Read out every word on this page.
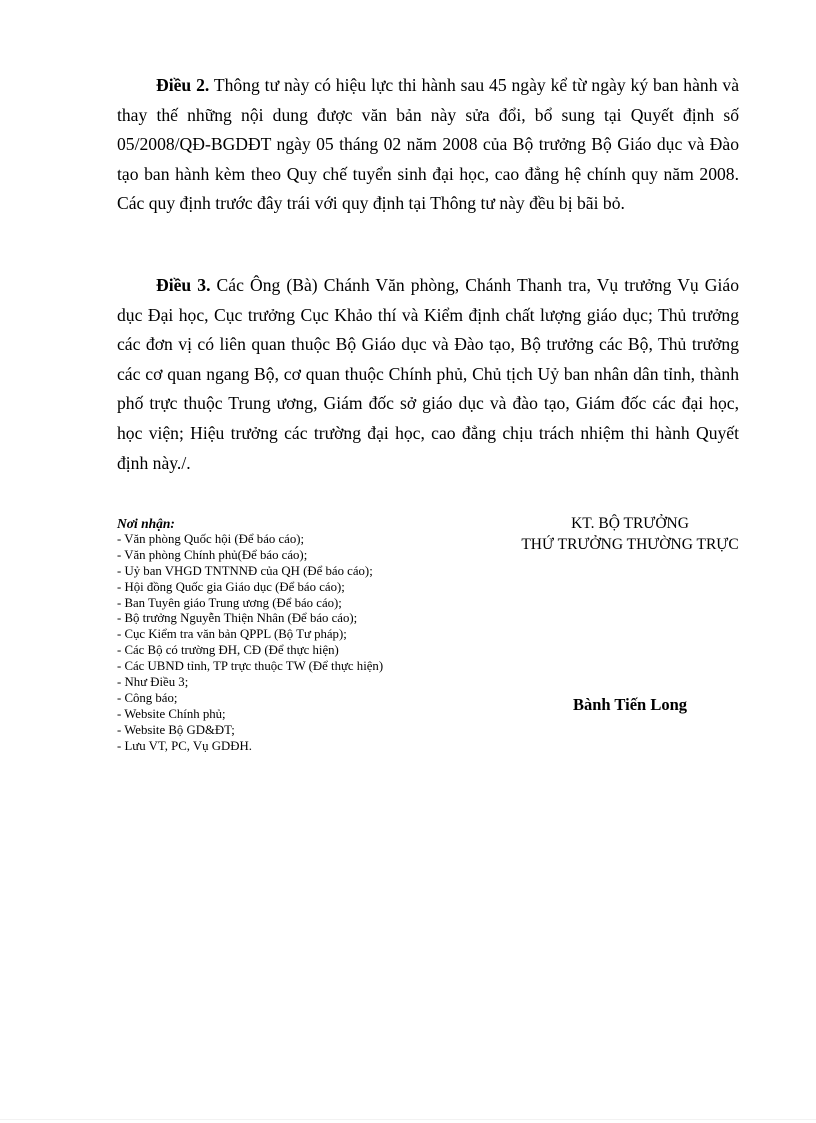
Điều 2. Thông tư này có hiệu lực thi hành sau 45 ngày kể từ ngày ký ban hành và thay thế những nội dung được văn bản này sửa đổi, bổ sung tại Quyết định số 05/2008/QĐ-BGDĐT ngày 05 tháng 02 năm 2008 của Bộ trưởng Bộ Giáo dục và Đào tạo ban hành kèm theo Quy chế tuyển sinh đại học, cao đẳng hệ chính quy năm 2008. Các quy định trước đây trái với quy định tại Thông tư này đều bị bãi bỏ.

Điều 3. Các Ông (Bà) Chánh Văn phòng, Chánh Thanh tra, Vụ trưởng Vụ Giáo dục Đại học, Cục trưởng Cục Khảo thí và Kiểm định chất lượng giáo dục; Thủ trưởng các đơn vị có liên quan thuộc Bộ Giáo dục và Đào tạo, Bộ trưởng các Bộ, Thủ trưởng các cơ quan ngang Bộ, cơ quan thuộc Chính phủ, Chủ tịch Uỷ ban nhân dân tỉnh, thành phố trực thuộc Trung ương, Giám đốc sở giáo dục và đào tạo, Giám đốc các đại học, học viện; Hiệu trưởng các trường đại học, cao đẳng chịu trách nhiệm thi hành Quyết định này./.

Nơi nhận:
- Văn phòng Quốc hội (Để báo cáo);
- Văn phòng Chính phủ(Để báo cáo);
- Uỷ ban VHGD TNTNNĐ của QH (Để báo cáo);
- Hội đồng Quốc gia Giáo dục (Để báo cáo);
- Ban Tuyên giáo Trung ương (Để báo cáo);
- Bộ trưởng Nguyễn Thiện Nhân (Để báo cáo);
- Cục Kiểm tra văn bản QPPL (Bộ Tư pháp);
- Các Bộ có trường ĐH, CĐ (Để thực hiện)
- Các UBND tỉnh, TP trực thuộc TW (Để thực hiện)
- Như Điều 3;
- Công báo;
- Website Chính phủ;
- Website Bộ GD&ĐT;
- Lưu VT, PC, Vụ GDĐH.
KT. BỘ TRƯỞNG
THỨ TRƯỞNG THƯỜNG TRỰC
Bành Tiến Long
